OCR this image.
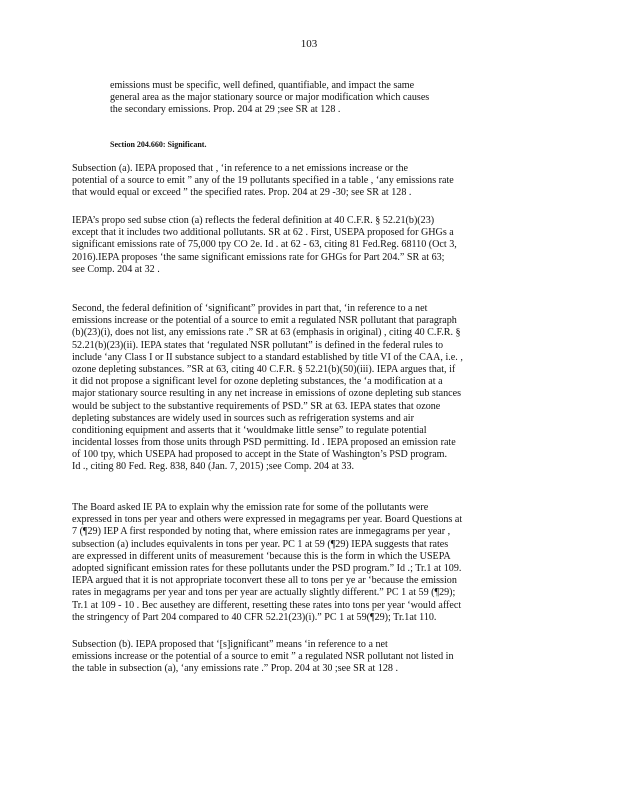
103
emissions must be specific, well defined, quantifiable, and impact the same
general area as the major stationary source or major modification which causes
the secondary emissions. Prop. 204 at 29 ;see SR at 128 .
Section 204.660: Significant.
Subsection (a). IEPA proposed that , ‘in reference to a net emissions increase or the
potential of a source to emit ” any of the 19 pollutants specified in a table , ‘any emissions rate
that would equal or exceed ” the specified rates. Prop. 204 at 29 -30; see SR at 128 .
IEPA’s propo sed subse ction (a) reflects the federal definition at 40 C.F.R. § 52.21(b)(23)
except that it includes two additional pollutants. SR at 62 . First, USEPA proposed for GHGs a
significant emissions rate of 75,000 tpy CO 2e. Id . at 62 - 63, citing 81 Fed.Reg. 68110 (Oct 3,
2016).IEPA proposes ‘the same significant emissions rate for GHGs for Part 204.” SR at 63;
see Comp. 204 at 32 .
Second, the federal definition of ‘significant” provides in part that, ‘in reference to a net
emissions increase or the potential of a source to emit a regulated NSR pollutant that paragraph
(b)(23)(i), does not list, any emissions rate .” SR at 63 (emphasis in original) , citing 40 C.F.R. §
52.21(b)(23)(ii). IEPA states that ‘regulated NSR pollutant” is defined in the federal rules to
include ‘any Class I or II substance subject to a standard established by title VI of the CAA, i.e. ,
ozone depleting substances. ”SR at 63, citing 40 C.F.R. § 52.21(b)(50)(iii). IEPA argues that, if
it did not propose a significant level for ozone depleting substances, the ‘a modification at a
major stationary source resulting in any net increase in emissions of ozone depleting sub stances
would be subject to the substantive requirements of PSD.” SR at 63. IEPA states that ozone
depleting substances are widely used in sources such as refrigeration systems and air
conditioning equipment and asserts that it ‘wouldmake little sense” to regulate potential
incidental losses from those units through PSD permitting. Id . IEPA proposed an emission rate
of 100 tpy, which USEPA had proposed to accept in the State of Washington’s PSD program.
Id ., citing 80 Fed. Reg. 838, 840 (Jan. 7, 2015) ;see Comp. 204 at 33.
The Board asked IE PA to explain why the emission rate for some of the pollutants were
expressed in tons per year and others were expressed in megagrams per year. Board Questions at
7 (¶29) IEP A first responded by noting that, where emission rates are inmegagrams per year ,
subsection (a) includes equivalents in tons per year. PC 1 at 59 (¶29) IEPA suggests that rates
are expressed in different units of measurement ‘because this is the form in which the USEPA
adopted significant emission rates for these pollutants under the PSD program.” Id .; Tr.1 at 109.
IEPA argued that it is not appropriate toconvert these all to tons per ye ar ‘because the emission
rates in megagrams per year and tons per year are actually slightly different.” PC 1 at 59 (¶29);
Tr.1 at 109 - 10 . Bec ausethey are different, resetting these rates into tons per year ‘would affect
the stringency of Part 204 compared to 40 CFR 52.21(23)(i).” PC 1 at 59(¶29); Tr.1at 110.
Subsection (b). IEPA proposed that ‘[s]ignificant” means ‘in reference to a net
emissions increase or the potential of a source to emit ” a regulated NSR pollutant not listed in
the table in subsection (a), ‘any emissions rate .” Prop. 204 at 30 ;see SR at 128 .
